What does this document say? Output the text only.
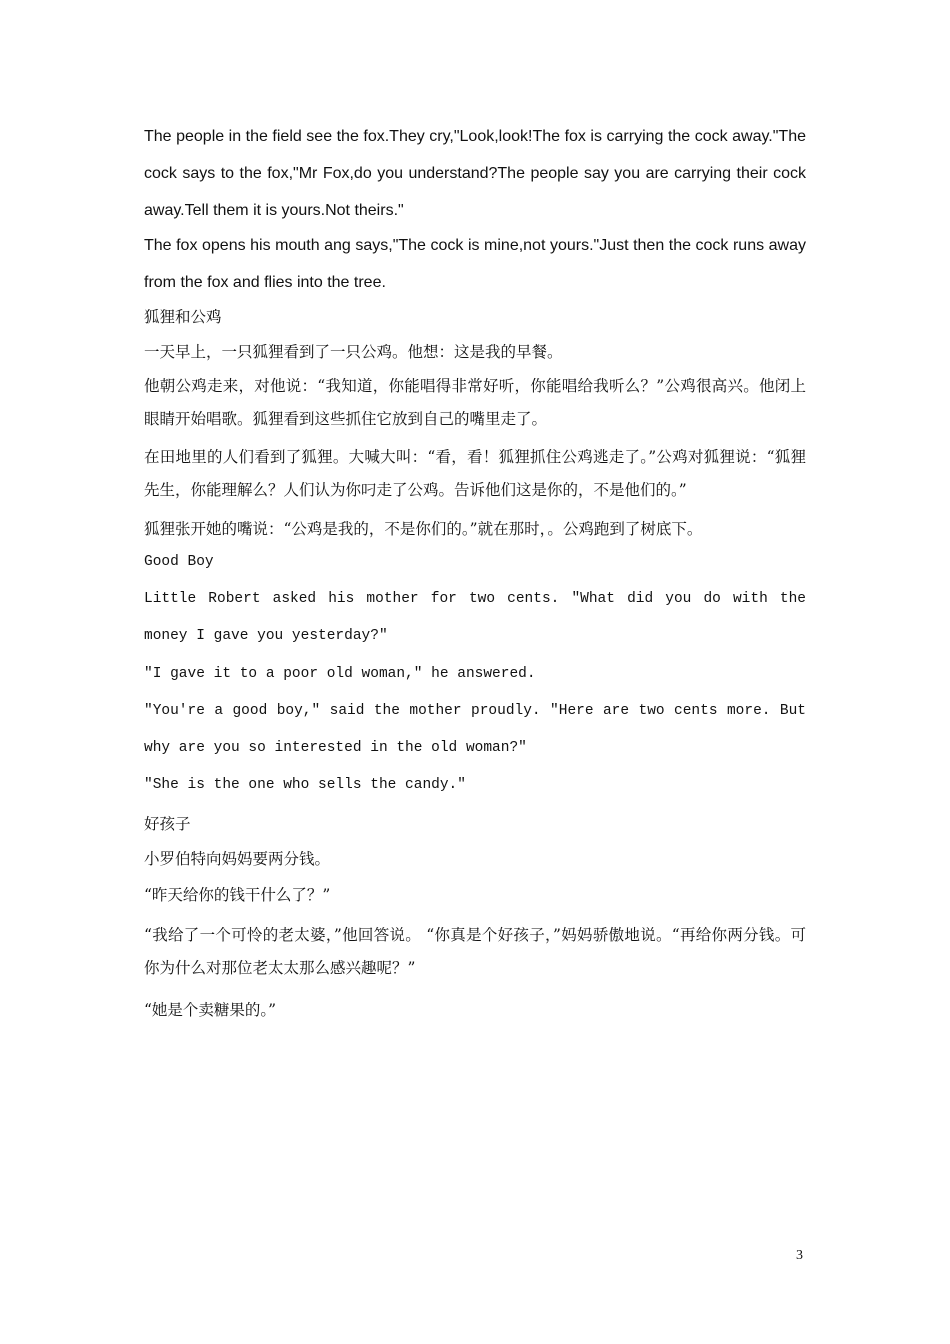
The people in the field see the fox.They cry,"Look,look!The fox is carrying the cock away."The cock says to the fox,"Mr Fox,do you understand?The people say you are carrying their cock away.Tell them it is yours.Not theirs."

The fox opens his mouth ang says,"The cock is mine,not yours."Just then the cock runs away from the fox and flies into the tree.

狐狸和公鸡

一天早上，一只狐狸看到了一只公鸡。他想：这是我的早餐。

他朝公鸡走来，对他说：“我知道，你能唱得非常好听，你能唱给我听么？”公鸡很高兴。他闭上眼睛开始唱歌。狐狸看到这些抓住它放到自己的嘴里走了。

在田地里的人们看到了狐狸。大喊大叫：“看，看！狐狸抓住公鸡逃走了。”公鸡对狐狸说：“狐狸先生，你能理解么？人们认为你叼走了公鸡。告诉他们这是你的，不是他们的。”

狐狸张开她的嘴说：“公鸡是我的，不是你们的。”就在那时，。公鸡跑到了树底下。

Good Boy

Little Robert asked his mother for two cents. "What did you do with the money I gave you yesterday?"

"I gave it to a poor old woman," he answered.

"You're a good boy," said the mother proudly. "Here are two cents more. But why are you so interested in the old woman?"

"She is the one who sells the candy."

好孩子

小罗伯特向妈妈要两分钱。

“昨天给你的钱干什么了？”

“我给了一个可怜的老太婆，”他回答说。 “你真是个好孩子，”妈妈骄傲地说。“再给你两分钱。可你为什么对那位老太太那么感兴趣呢？”

“她是个卖糖果的。”

3
